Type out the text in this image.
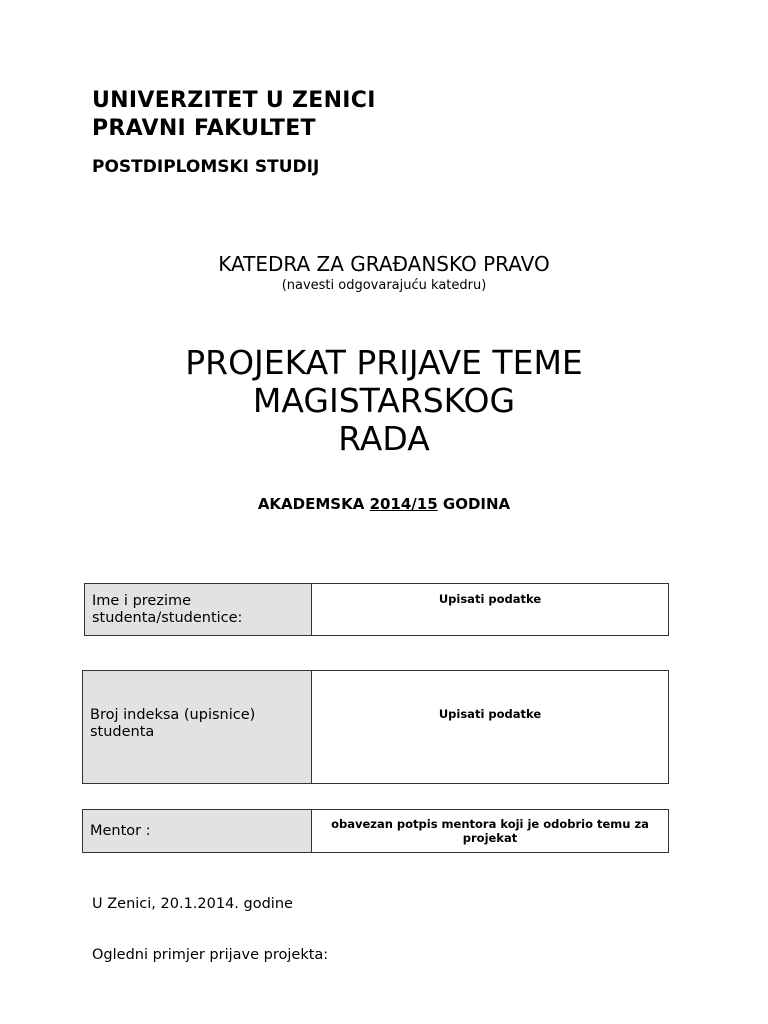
UNIVERZITET U ZENICI
PRAVNI FAKULTET
POSTDIPLOMSKI STUDIJ
KATEDRA ZA GRAĐANSKO PRAVO
(navesti odgovarajuću katedru)
PROJEKAT PRIJAVE TEME
MAGISTARSKOG
RADA
AKADEMSKA 2014/15 GODINA
Ime i prezime
studenta/studentice:
Upisati podatke
Broj indeksa (upisnice)
studenta
Upisati podatke
Mentor :	obavezan potpis mentora koji je odobrio temu za projekat
U Zenici, 20.1.2014. godine
Ogledni primjer prijave projekta:
